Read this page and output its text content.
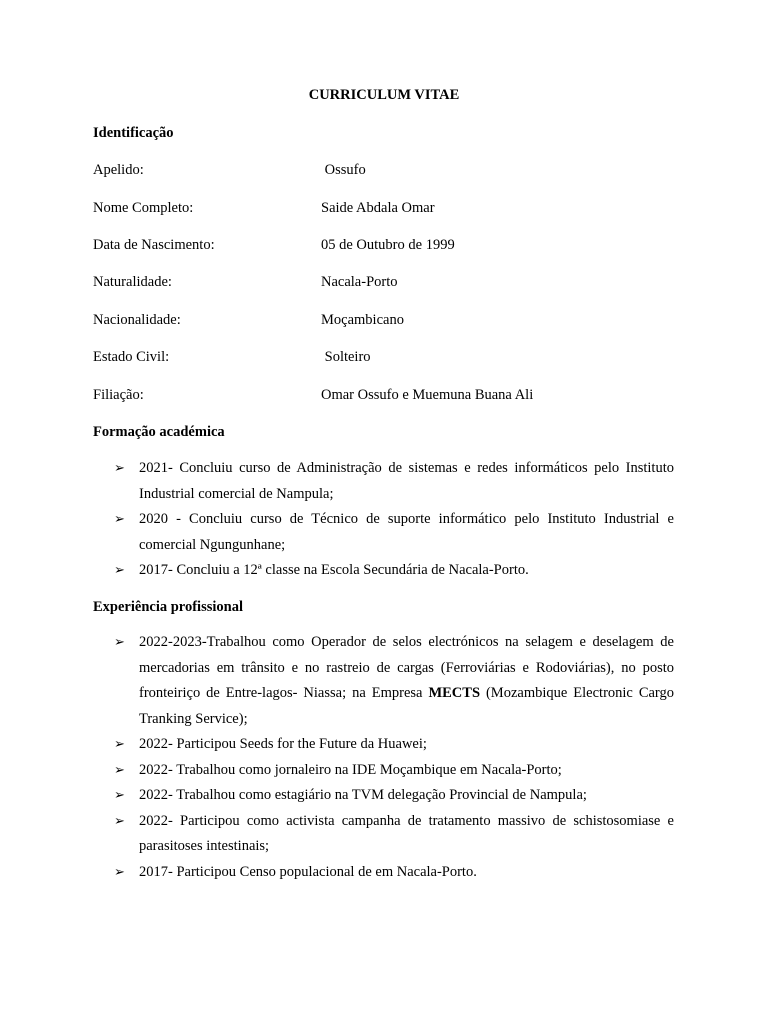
CURRICULUM VITAE
Identificação
Apelido:	Ossufo
Nome Completo:	Saide Abdala Omar
Data de Nascimento:	05 de Outubro de 1999
Naturalidade:	Nacala-Porto
Nacionalidade:	Moçambicano
Estado Civil:	Solteiro
Filiação:	Omar Ossufo e Muemuna Buana Ali
Formação académica
➢ 2021- Concluiu curso de Administração de sistemas e redes informáticos pelo Instituto Industrial comercial de Nampula;
➢ 2020 - Concluiu curso de Técnico de suporte informático pelo Instituto Industrial e comercial Ngungunhane;
➢ 2017- Concluiu a 12ª classe na Escola Secundária de Nacala-Porto.
Experiência profissional
➢ 2022-2023-Trabalhou como Operador de selos electrónicos na selagem e deselagem de mercadorias em trânsito e no rastreio de cargas (Ferroviárias e Rodoviárias), no posto fronteiriço de Entre-lagos- Niassa; na Empresa MECTS (Mozambique Electronic Cargo Tranking Service);
➢ 2022- Participou Seeds for the Future da Huawei;
➢ 2022- Trabalhou como jornaleiro na IDE Moçambique em Nacala-Porto;
➢ 2022- Trabalhou como estagiário na TVM delegação Provincial de Nampula;
➢ 2022- Participou como activista campanha de tratamento massivo de schistosomiase e parasitoses intestinais;
➢ 2017- Participou Censo populacional de em Nacala-Porto.
